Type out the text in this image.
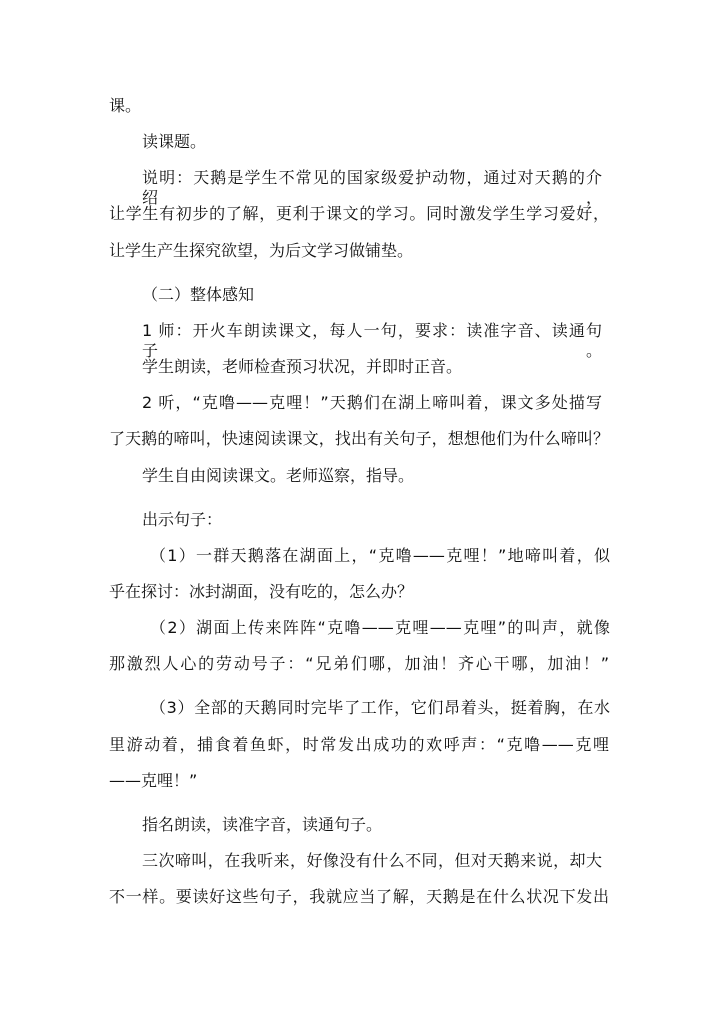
课。
读课题。
说明：天鹅是学生不常见的国家级爱护动物，通过对天鹅的介绍，
让学生有初步的了解，更利于课文的学习。同时激发学生学习爱好，
让学生产生探究欲望，为后文学习做铺垫。
（二）整体感知
1 师：开火车朗读课文，每人一句，要求：读准字音、读通句子。
学生朗读，老师检查预习状况，并即时正音。
2 听，“克噜——克哩！”天鹅们在湖上啼叫着，课文多处描写
了天鹅的啼叫，快速阅读课文，找出有关句子，想想他们为什么啼叫？
学生自由阅读课文。老师巡察，指导。
出示句子：
（1）一群天鹅落在湖面上，“克噜——克哩！”地啼叫着，似
乎在探讨：冰封湖面，没有吃的，怎么办？
（2）湖面上传来阵阵“克噜——克哩——克哩”的叫声，就像
那激烈人心的劳动号子：“兄弟们哪，加油！齐心干哪，加油！”
（3）全部的天鹅同时完毕了工作，它们昂着头，挺着胸，在水
里游动着，捕食着鱼虾，时常发出成功的欢呼声：“克噜——克哩
——克哩！”
指名朗读，读准字音，读通句子。
三次啼叫，在我听来，好像没有什么不同，但对天鹅来说，却大
不一样。要读好这些句子，我就应当了解，天鹅是在什么状况下发出
